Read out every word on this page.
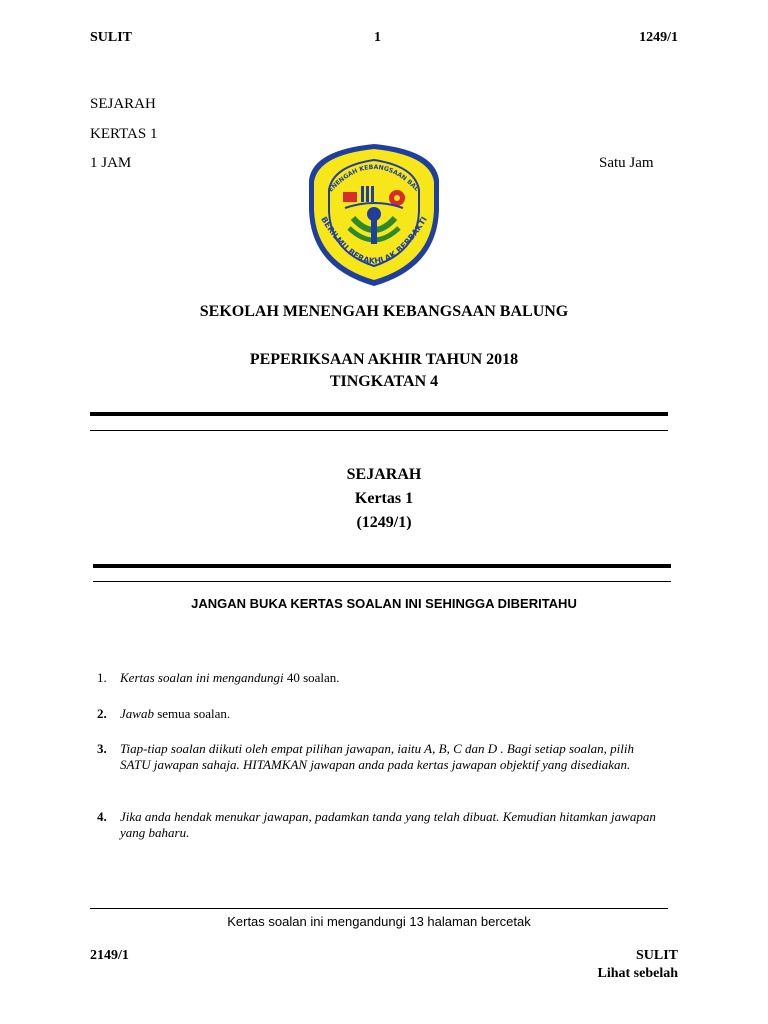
SULIT	1	1249/1
SEJARAH
KERTAS 1
1 JAM	Satu Jam
ENENGAH KEBANGSAAN BAL
BERILMU BERAKHLAK BERBAKTI
SEKOLAH MENENGAH KEBANGSAAN BALUNG
PEPERIKSAAN AKHIR TAHUN 2018
TINGKATAN 4
SEJARAH
Kertas 1
(1249/1)
JANGAN BUKA KERTAS SOALAN INI SEHINGGA DIBERITAHU
1. Kertas soalan ini mengandungi 40 soalan.
2. Jawab semua soalan.
3. Tiap-tiap soalan diikuti oleh empat pilihan jawapan, iaitu A, B, C dan D . Bagi setiap soalan, pilih SATU jawapan sahaja. HITAMKAN jawapan anda pada kertas jawapan objektif yang disediakan.
4. Jika anda hendak menukar jawapan, padamkan tanda yang telah dibuat. Kemudian hitamkan jawapan yang baharu.
Kertas soalan ini mengandungi 13 halaman bercetak
2149/1	SULIT
Lihat sebelah
